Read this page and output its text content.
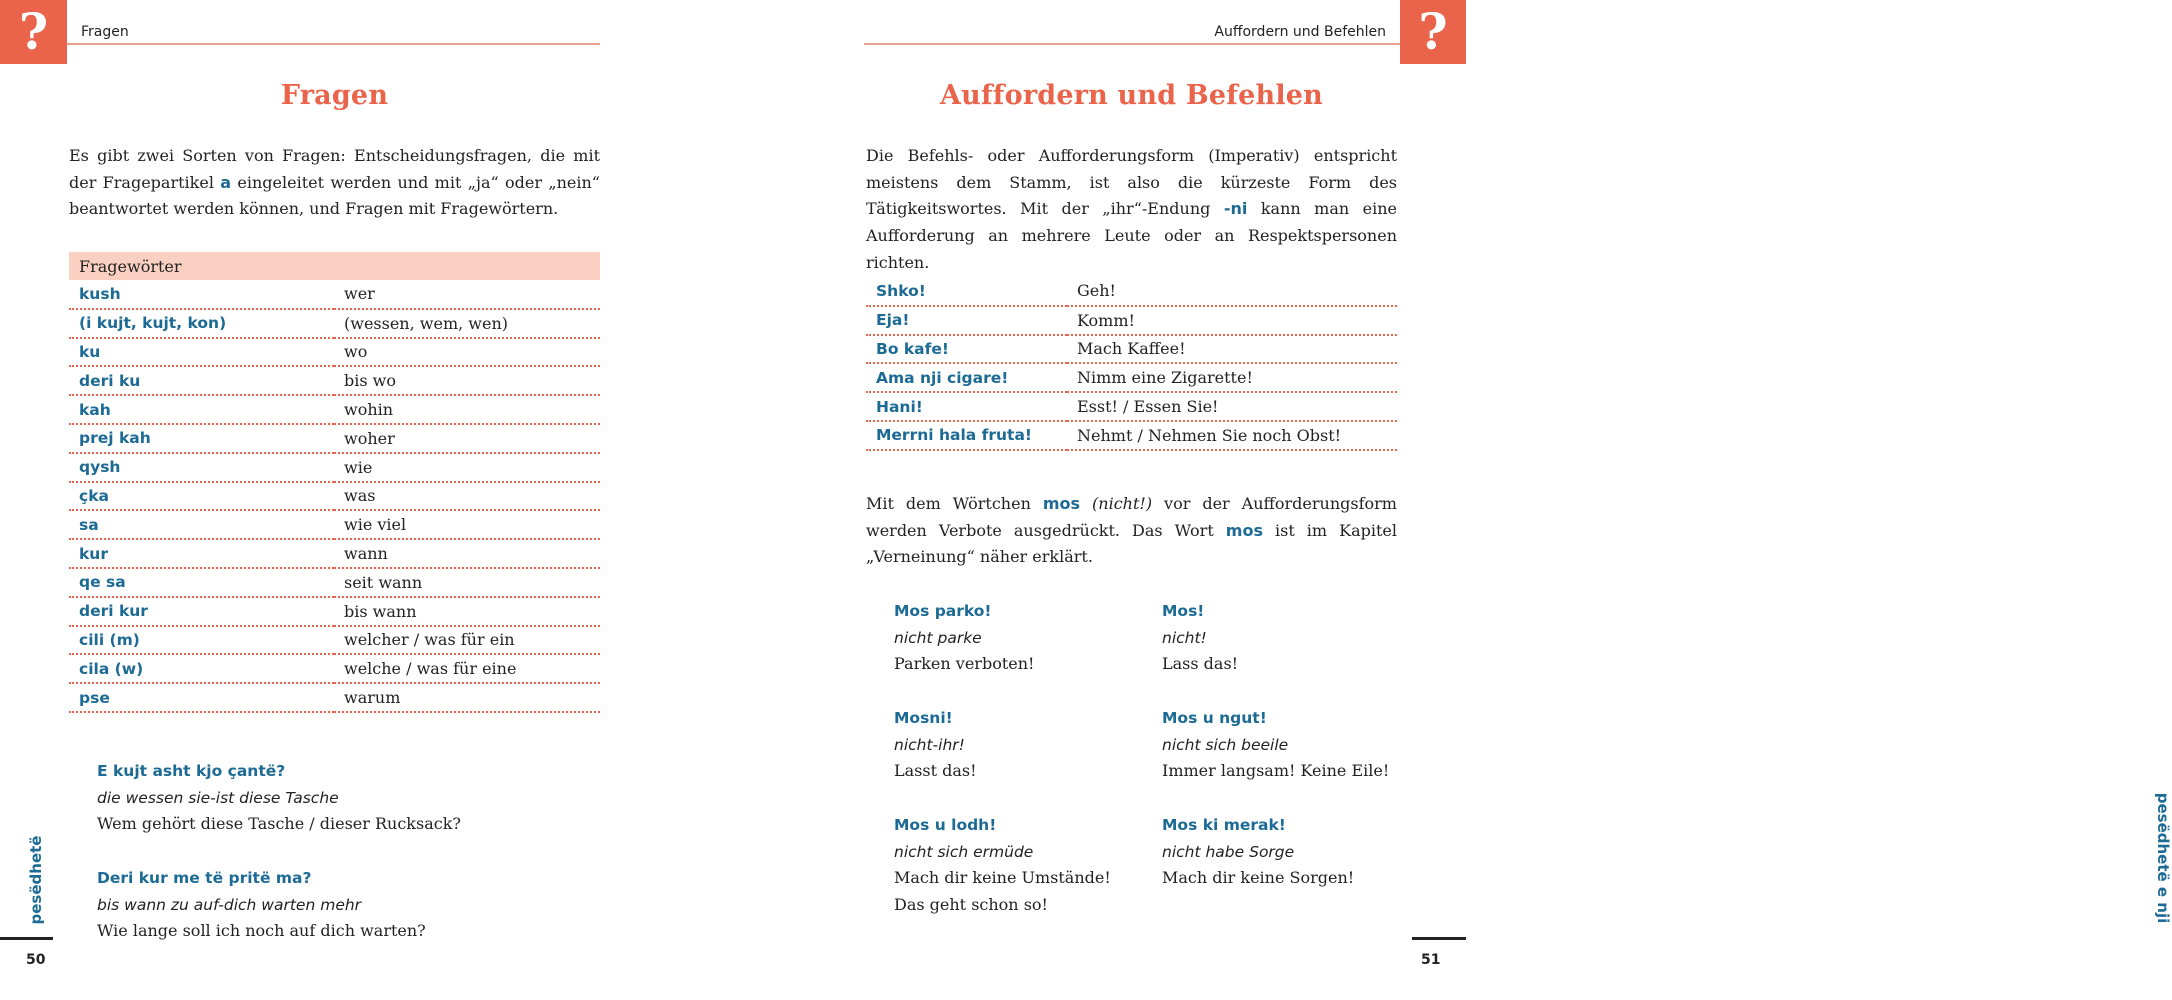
?	Fragen
Fragen
Es gibt zwei Sorten von Fragen: Entscheidungsfragen, die mit der Fragepartikel a eingeleitet werden und mit „ja“ oder „nein“ beantwortet werden können, und Fragen mit Fragewörtern.
Fragewörter	
kush	wer
(i kujt, kujt, kon)	(wessen, wem, wen)
ku	wo
deri ku	bis wo
kah	wohin
prej kah	woher
qysh	wie
çka	was
sa	wie viel
kur	wann
qe sa	seit wann
deri kur	bis wann
cili (m)	welcher / was für ein
cila (w)	welche / was für eine
pse	warum
E kujt asht kjo çantë?
die wessen sie-ist diese Tasche
Wem gehört diese Tasche / dieser Rucksack?
Deri kur me të pritë ma?
bis wann zu auf-dich warten mehr
Wie lange soll ich noch auf dich warten?
pesëdhetë
50
?
Auffordern und Befehlen
Auffordern und Befehlen
Die Befehls- oder Aufforderungsform (Imperativ) entspricht meistens dem Stamm, ist also die kürzeste Form des Tätigkeitswortes. Mit der „ihr“-Endung -ni kann man eine Aufforderung an mehrere Leute oder an Respektspersonen richten.
Shko!	Geh!
Eja!	Komm!
Bo kafe!	Mach Kaffee!
Ama nji cigare!	Nimm eine Zigarette!
Hani!	Esst! / Essen Sie!
Merrni hala fruta!	Nehmt / Nehmen Sie noch Obst!
Mit dem Wörtchen mos (nicht!) vor der Aufforderungsform werden Verbote ausgedrückt. Das Wort mos ist im Kapitel „Verneinung“ näher erklärt.
Mos parko!
nicht parke
Parken verboten!
Mos!
nicht!
Lass das!
Mosni!
nicht-ihr!
Lasst das!
Mos u ngut!
nicht sich beeile
Immer langsam! Keine Eile!
Mos u lodh!
nicht sich ermüde
Mach dir keine Umstände!
Das geht schon so!
Mos ki merak!
nicht habe Sorge
Mach dir keine Sorgen!	pesëdhetë e nji
51
